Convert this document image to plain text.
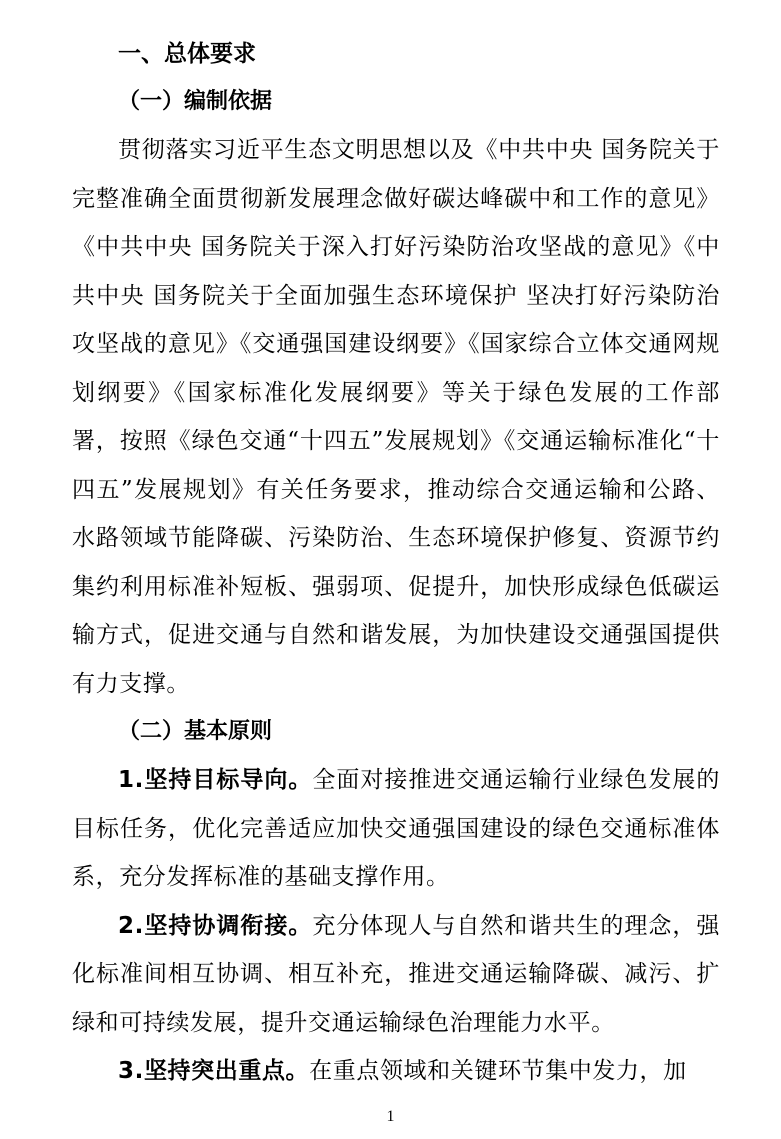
一、总体要求
（一）编制依据

贯彻落实习近平生态文明思想以及《中共中央 国务院关于完整准确全面贯彻新发展理念做好碳达峰碳中和工作的意见》《中共中央 国务院关于深入打好污染防治攻坚战的意见》《中共中央 国务院关于全面加强生态环境保护 坚决打好污染防治攻坚战的意见》《交通强国建设纲要》《国家综合立体交通网规划纲要》《国家标准化发展纲要》等关于绿色发展的工作部署，按照《绿色交通“十四五”发展规划》《交通运输标准化“十四五”发展规划》有关任务要求，推动综合交通运输和公路、水路领域节能降碳、污染防治、生态环境保护修复、资源节约集约利用标准补短板、强弱项、促提升，加快形成绿色低碳运输方式，促进交通与自然和谐发展，为加快建设交通强国提供有力支撑。

（二）基本原则

1.坚持目标导向。全面对接推进交通运输行业绿色发展的目标任务，优化完善适应加快交通强国建设的绿色交通标准体系，充分发挥标准的基础支撑作用。

2.坚持协调衔接。充分体现人与自然和谐共生的理念，强化标准间相互协调、相互补充，推进交通运输降碳、减污、扩绿和可持续发展，提升交通运输绿色治理能力水平。

3.坚持突出重点。在重点领域和关键环节集中发力，加

1
